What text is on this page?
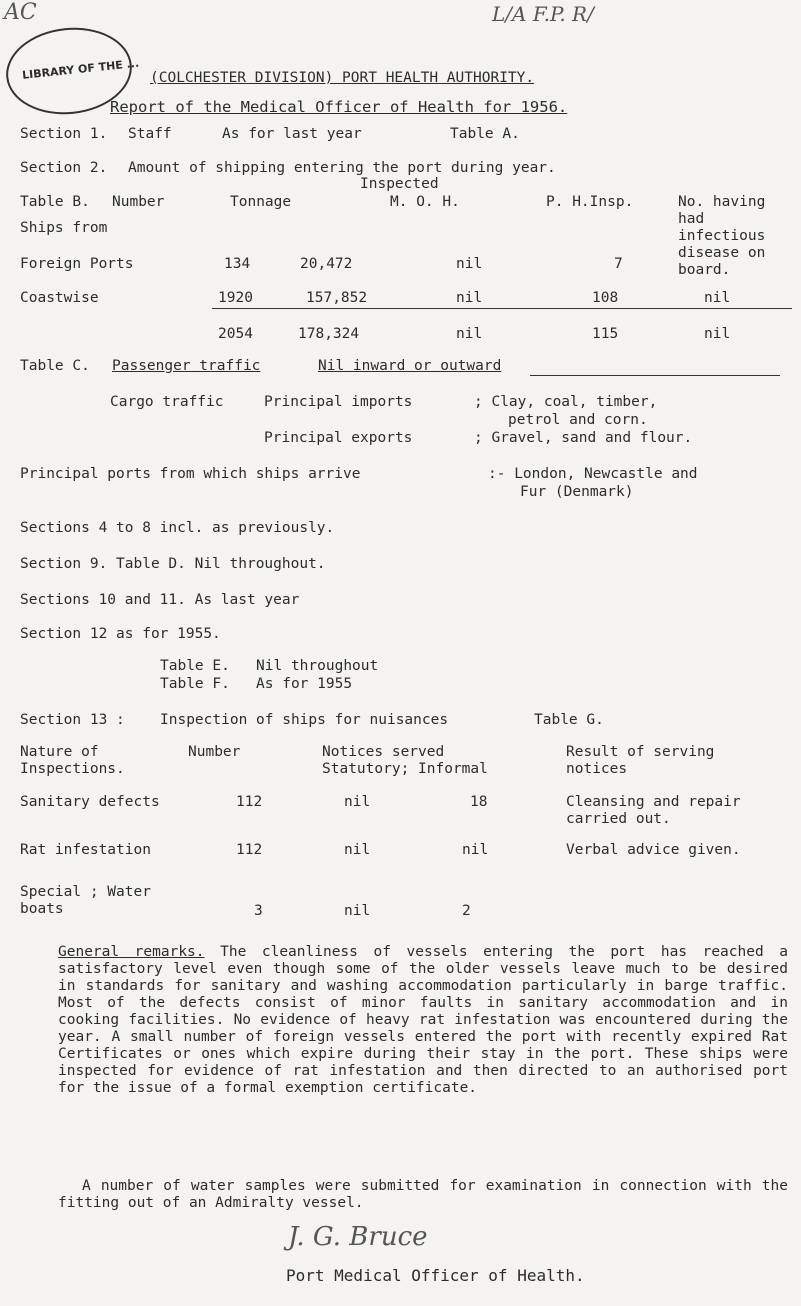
AC	L/A F.P. R/
LIBRARY OF THE ... (COLCHESTER DIVISION) PORT HEALTH AUTHORITY.
Report of the Medical Officer of Health for 1956.
Section 1. Staff	As for last year	Table A.
Section 2. Amount of shipping entering the port during year.
Inspected
Table B. Number	Tonnage	M. O. H.	P. H.Insp.	No. having had infectious disease on board.
Ships from
Foreign Ports	134	20,472	nil	7
Coastwise	1920	157,852	nil	108	nil
2054	178,324	nil	115	nil
Table C. Passenger traffic	Nil inward or outward
Cargo traffic	Principal imports	; Clay, coal, timber,
petrol and corn.
Principal exports	; Gravel, sand and flour.
Principal ports from which ships arrive	:- London, Newcastle and
Fur (Denmark)
Sections 4 to 8 incl. as previously.
Section 9. Table D. Nil throughout.
Sections 10 and 11. As last year
Section 12 as for 1955.
Table E.   Nil throughout
Table F.   As for 1955
Section 13 : Inspection of ships for nuisances	Table G.
Nature of Inspections.
Number	Notices served
Statutory; Informal
Result of serving notices
Sanitary defects	112	nil	18	Cleansing and repair carried out.
Rat infestation	112	nil	nil	Verbal advice given.
Special ; Water boats	3	nil	2
General remarks. The cleanliness of vessels entering the port has reached a satisfactory level even though some of the older vessels leave much to be desired in standards for sanitary and washing accommodation particularly in barge traffic. Most of the defects consist of minor faults in sanitary accommodation and in cooking facilities. No evidence of heavy rat infestation was encountered during the year. A small number of foreign vessels entered the port with recently expired Rat Certificates or ones which expire during their stay in the port. These ships were inspected for evidence of rat infestation and then directed to an authorised port for the issue of a formal exemption certificate.
A number of water samples were submitted for examination in connection with the fitting out of an Admiralty vessel.
J. G. Bruce
Port Medical Officer of Health.
